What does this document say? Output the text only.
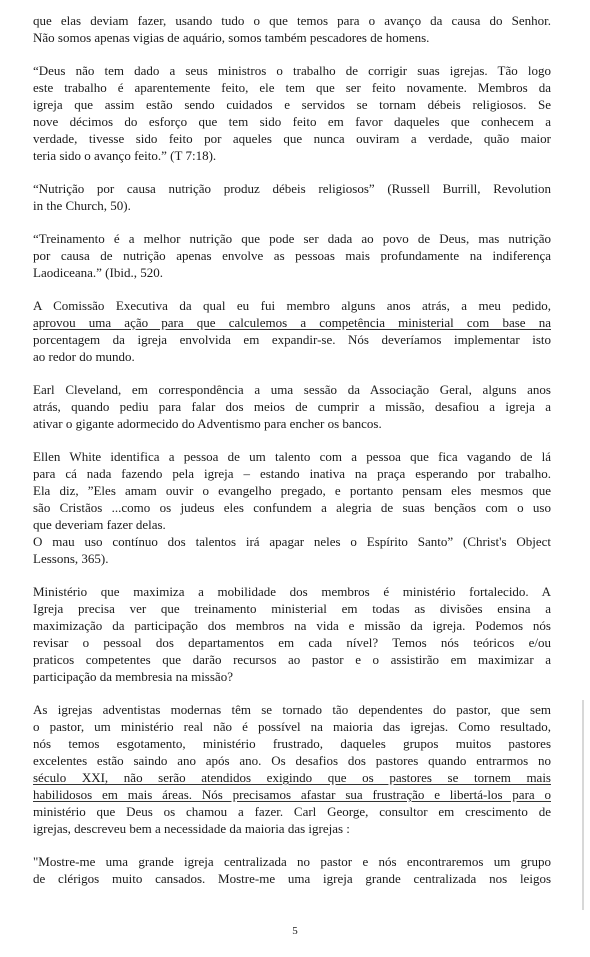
que elas deviam fazer, usando tudo o que temos para o avanço da causa do Senhor.
Não somos apenas vigias de aquário, somos também pescadores de homens.
“Deus não tem dado a seus ministros o trabalho de corrigir suas igrejas. Tão logo
este trabalho é aparentemente feito, ele tem que ser feito novamente. Membros da
igreja que assim estão sendo cuidados e servidos se tornam débeis religiosos. Se
nove décimos do esforço que tem sido feito em favor daqueles que conhecem a
verdade, tivesse sido feito por aqueles que nunca ouviram a verdade, quão maior
teria sido o avanço feito.” (T 7:18).
“Nutrição por causa nutrição produz débeis religiosos” (Russell Burrill, Revolution
in the Church, 50).
“Treinamento é a melhor nutrição que pode ser dada ao povo de Deus, mas nutrição
por causa de nutrição apenas envolve as pessoas mais profundamente na indiferença
Laodiceana.” (Ibid., 520.
A Comissão Executiva da qual eu fui membro alguns anos atrás, a meu pedido,
aprovou uma ação para que calculemos a competência ministerial com base na
porcentagem da igreja envolvida em expandir-se. Nós deveríamos implementar isto
ao redor do mundo.
Earl Cleveland, em correspondência a uma sessão da Associação Geral, alguns anos
atrás, quando pediu para falar dos meios de cumprir a missão, desafiou a igreja a
ativar o gigante adormecido do Adventismo para encher os bancos.
Ellen White identifica a pessoa de um talento com a pessoa que fica vagando de lá
para cá nada fazendo pela igreja – estando inativa na praça esperando por trabalho.
Ela diz, ”Eles amam ouvir o evangelho pregado, e portanto pensam eles mesmos que
são Cristãos ...como os judeus eles confundem a alegria de suas bençãos com o uso
que deveriam fazer delas.
O mau uso contínuo dos talentos irá apagar neles o Espírito Santo” (Christ's Object
Lessons, 365).
Ministério que maximiza a mobilidade dos membros é ministério fortalecido. A
Igreja precisa ver que treinamento ministerial em todas as divisões ensina a
maximização da participação dos membros na vida e missão da igreja. Podemos nós
revisar o pessoal dos departamentos em cada nível? Temos nós teóricos e/ou
praticos competentes que darão recursos ao pastor e o assistirão em maximizar a
participação da membresia na missão?
As igrejas adventistas modernas têm se tornado tão dependentes do pastor, que sem
o pastor, um ministério real não é possível na maioria das igrejas. Como resultado,
nós temos esgotamento, ministério frustrado, daqueles grupos muitos pastores
excelentes estão saindo ano após ano. Os desafios dos pastores quando entrarmos no
século XXI, não serão atendidos exigindo que os pastores se tornem mais
habilidosos em mais áreas. Nós precisamos afastar sua frustração e libertá-los para o
ministério que Deus os chamou a fazer. Carl George, consultor em crescimento de
igrejas, descreveu bem a necessidade da maioria das igrejas :
"Mostre-me uma grande igreja centralizada no pastor e nós encontraremos um grupo
de clérigos muito cansados. Mostre-me uma igreja grande centralizada nos leigos
5
